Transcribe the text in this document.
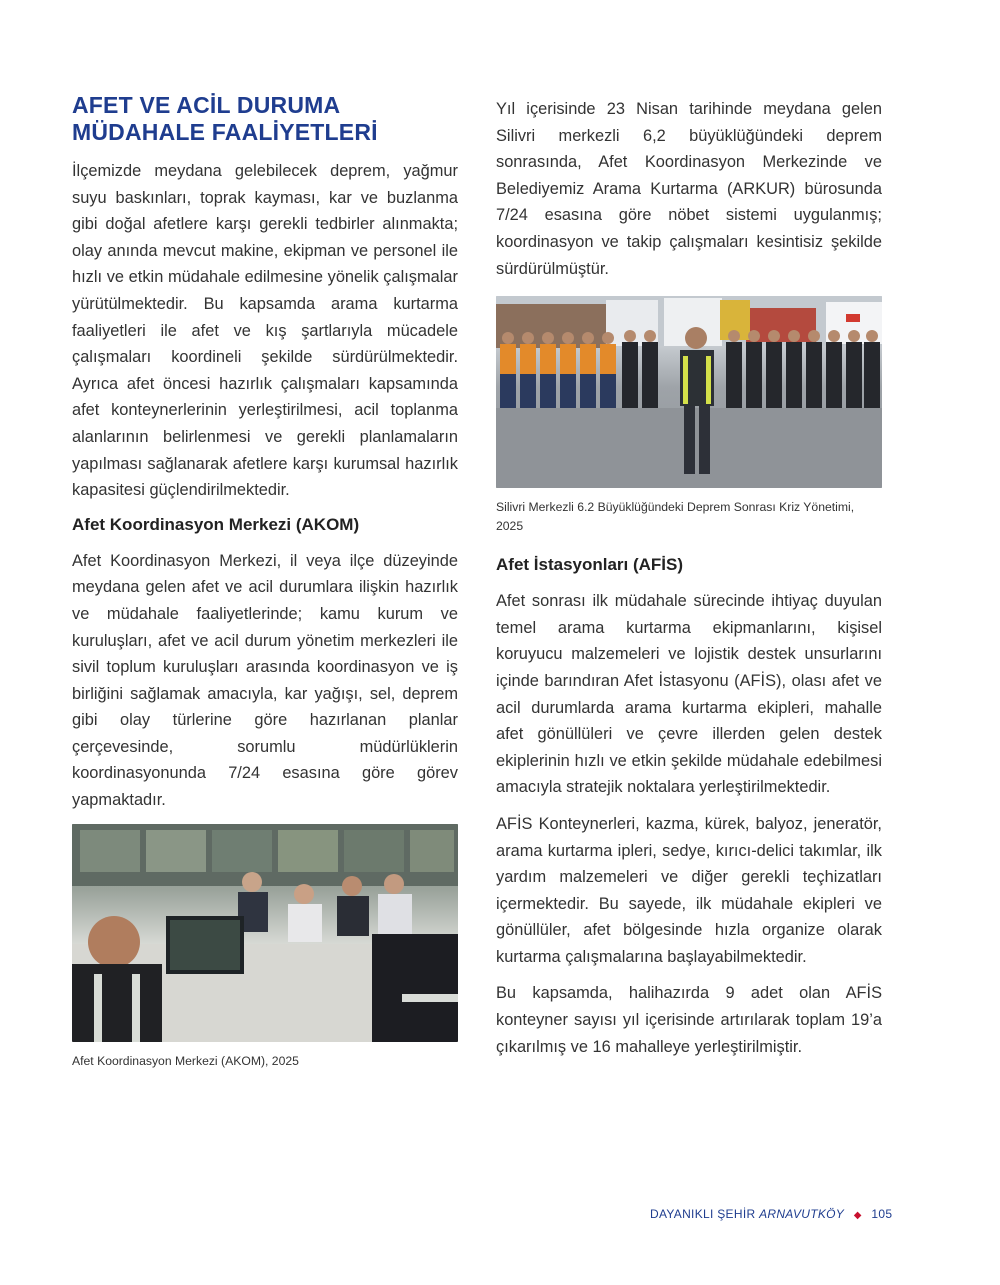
AFET VE ACİL DURUMA MÜDAHALE FAALİYETLERİ

İlçemizde meydana gelebilecek deprem, yağmur suyu baskınları, toprak kayması, kar ve buzlanma gibi doğal afetlere karşı gerekli tedbirler alınmakta; olay anında mevcut makine, ekipman ve personel ile hızlı ve etkin müdahale edilmesine yönelik çalışmalar yürütülmektedir. Bu kapsamda arama kurtarma faaliyetleri ile afet ve kış şartlarıyla mücadele çalışmaları koordineli şekilde sürdürülmektedir. Ayrıca afet öncesi hazırlık çalışmaları kapsamında afet konteynerlerinin yerleştirilmesi, acil toplanma alanlarının belirlenmesi ve gerekli planlamaların yapılması sağlanarak afetlere karşı kurumsal hazırlık kapasitesi güçlendirilmektedir.

Afet Koordinasyon Merkezi (AKOM)

Afet Koordinasyon Merkezi, il veya ilçe düzeyinde meydana gelen afet ve acil durumlara ilişkin hazırlık ve müdahale faaliyetlerinde; kamu kurum ve kuruluşları, afet ve acil durum yönetim merkezleri ile sivil toplum kuruluşları arasında koordinasyon ve iş birliğini sağlamak amacıyla, kar yağışı, sel, deprem gibi olay türlerine göre hazırlanan planlar çerçevesinde, sorumlu müdürlüklerin koordinasyonunda 7/24 esasına göre görev yapmaktadır.

Afet Koordinasyon Merkezi (AKOM), 2025

Yıl içerisinde 23 Nisan tarihinde meydana gelen Silivri merkezli 6,2 büyüklüğündeki deprem sonrasında, Afet Koordinasyon Merkezinde ve Belediyemiz Arama Kurtarma (ARKUR) bürosunda 7/24 esasına göre nöbet sistemi uygulanmış; koordinasyon ve takip çalışmaları kesintisiz şekilde sürdürülmüştür.

Silivri Merkezli 6.2 Büyüklüğündeki Deprem Sonrası Kriz Yönetimi, 2025
Afet İstasyonları (AFİS)

Afet sonrası ilk müdahale sürecinde ihtiyaç duyulan temel arama kurtarma ekipmanlarını, kişisel koruyucu malzemeleri ve lojistik destek unsurlarını içinde barındıran Afet İstasyonu (AFİS), olası afet ve acil durumlarda arama kurtarma ekipleri, mahalle afet gönüllüleri ve çevre illerden gelen destek ekiplerinin hızlı ve etkin şekilde müdahale edebilmesi amacıyla stratejik noktalara yerleştirilmektedir.

AFİS Konteynerleri, kazma, kürek, balyoz, jeneratör, arama kurtarma ipleri, sedye, kırıcı-delici takımlar, ilk yardım malzemeleri ve diğer gerekli teçhizatları içermektedir. Bu sayede, ilk müdahale ekipleri ve gönüllüler, afet bölgesinde hızla organize olarak kurtarma çalışmalarına başlayabilmektedir.

Bu kapsamda, halihazırda 9 adet olan AFİS konteyner sayısı yıl içerisinde artırılarak toplam 19’a çıkarılmış ve 16 mahalleye yerleştirilmiştir.

DAYANIKLI ŞEHİR ARNAVUTKÖY ◆ 105
